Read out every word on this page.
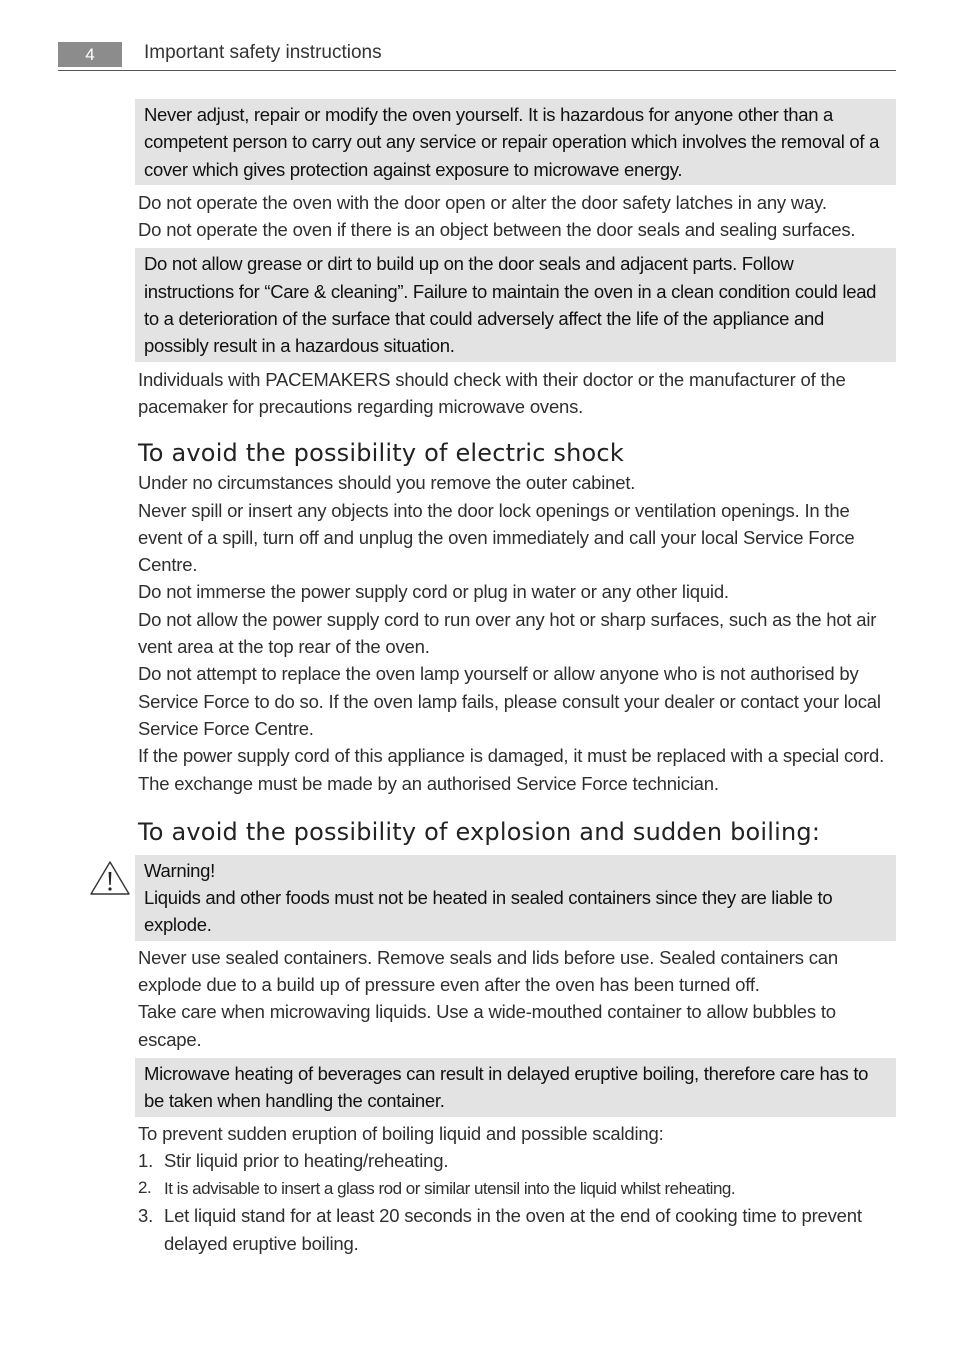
4	Important safety instructions
Never adjust, repair or modify the oven yourself. It is hazardous for anyone other than a competent person to carry out any service or repair operation which involves the removal of a cover which gives protection against exposure to microwave energy.

Do not operate the oven with the door open or alter the door safety latches in any way.

Do not operate the oven if there is an object between the door seals and sealing surfaces.

Do not allow grease or dirt to build up on the door seals and adjacent parts. Follow instructions for “Care & cleaning”. Failure to maintain the oven in a clean condition could lead to a deterioration of the surface that could adversely affect the life of the appliance and possibly result in a hazardous situation.

Individuals with PACEMAKERS should check with their doctor or the manufacturer of the pacemaker for precautions regarding microwave ovens.

To avoid the possibility of electric shock

Under no circumstances should you remove the outer cabinet.

Never spill or insert any objects into the door lock openings or ventilation openings. In the event of a spill, turn off and unplug the oven immediately and call your local Service Force Centre.

Do not immerse the power supply cord or plug in water or any other liquid.

Do not allow the power supply cord to run over any hot or sharp surfaces, such as the hot air vent area at the top rear of the oven.

Do not attempt to replace the oven lamp yourself or allow anyone who is not authorised by Service Force to do so. If the oven lamp fails, please consult your dealer or contact your local Service Force Centre.

If the power supply cord of this appliance is damaged, it must be replaced with a special cord. The exchange must be made by an authorised Service Force technician.

To avoid the possibility of explosion and sudden boiling:
Warning!
Liquids and other foods must not be heated in sealed containers since they are liable to explode.

Never use sealed containers. Remove seals and lids before use. Sealed containers can explode due to a build up of pressure even after the oven has been turned off.

Take care when microwaving liquids. Use a wide-mouthed container to allow bubbles to escape.

Microwave heating of beverages can result in delayed eruptive boiling, therefore care has to be taken when handling the container.

To prevent sudden eruption of boiling liquid and possible scalding:

1. Stir liquid prior to heating/reheating.
2. It is advisable to insert a glass rod or similar utensil into the liquid whilst reheating.
3. Let liquid stand for at least 20 seconds in the oven at the end of cooking time to prevent delayed eruptive boiling.
